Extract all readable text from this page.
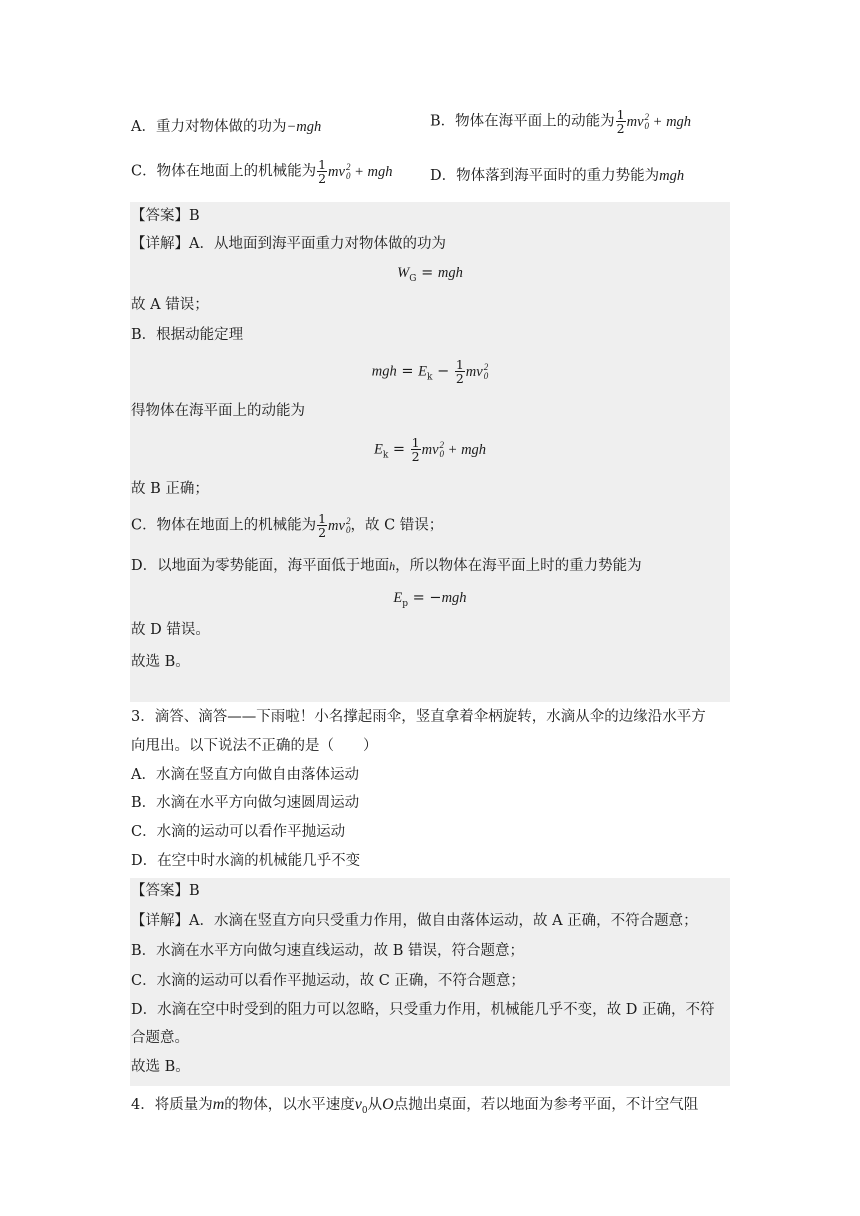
A．重力对物体做的功为−mgh	B．物体在海平面上的动能为 $\frac{1}{2}$ mv 2
0 + mgh
C．物体在地面上的机械能为 $\frac{1}{2}$ mv 2
0 + mgh	D．物体落到海平面时的重力势能为mgh
【答案】B
【详解】A．从地面到海平面重力对物体做的功为
$W_G$ = mgh
故 A 错误；
B．根据动能定理
mgh = $E_k - \frac{1}{2}$ mv 2
0
得物体在海平面上的动能为
$E_k = \frac{1}{2}$ mv 2
0 + mgh
故 B 正确；
C．物体在地面上的机械能为 $\frac{1}{2}$ mv 2
0 ，故 C 错误；
D．以地面为零势能面，海平面低于地面h，所以物体在海平面上时的重力势能为
$E_p = -mgh$
故 D 错误。
故选 B。
3．滴答、滴答——下雨啦！小名撑起雨伞，竖直拿着伞柄旋转，水滴从伞的边缘沿水平方
向甩出。以下说法不正确的是（　　）
A．水滴在竖直方向做自由落体运动
B．水滴在水平方向做匀速圆周运动
C．水滴的运动可以看作平抛运动
D．在空中时水滴的机械能几乎不变
【答案】B
【详解】A．水滴在竖直方向只受重力作用，做自由落体运动，故 A 正确，不符合题意；
B．水滴在水平方向做匀速直线运动，故 B 错误，符合题意；
C．水滴的运动可以看作平抛运动，故 C 正确，不符合题意；
D．水滴在空中时受到的阻力可以忽略，只受重力作用，机械能几乎不变，故 D 正确，不符
合题意。
故选 B。
4．将质量为m的物体，以水平速度$v_0$从O点抛出桌面，若以地面为参考平面，不计空气阻
